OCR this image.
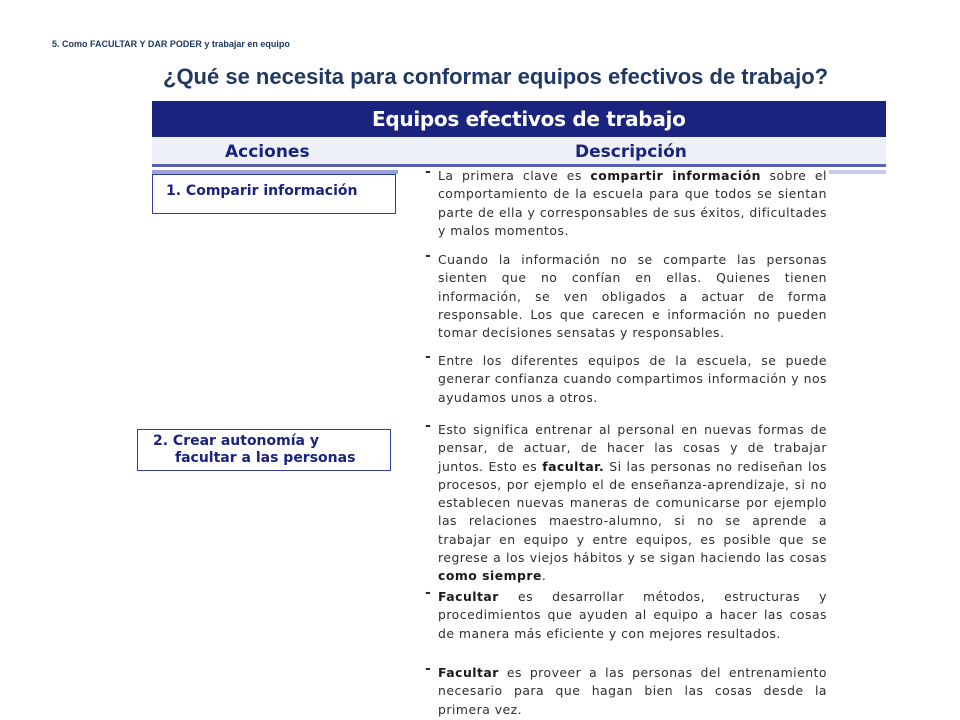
5. Como FACULTAR Y DAR PODER y trabajar en equipo
¿Qué se necesita para conformar equipos efectivos de trabajo?
Equipos efectivos de trabajo
Acciones	Descripción
1. Comparir información
2. Crear autonomía y
facultar a las personas
- La primera clave es compartir información sobre el comportamiento de la escuela para que todos se sientan parte de ella y corresponsables de sus éxitos, dificultades y malos momentos.
- Cuando la información no se comparte las personas sienten que no confían en ellas. Quienes tienen información, se ven obligados a actuar de forma responsable. Los que carecen e información no pueden tomar decisiones sensatas y responsables.
- Entre los diferentes equipos de la escuela, se puede generar confianza cuando compartimos información y nos ayudamos unos a otros.
- Esto significa entrenar al personal en nuevas formas de pensar, de actuar, de hacer las cosas y de trabajar juntos. Esto es facultar. Si las personas no rediseñan los procesos, por ejemplo el de enseñanza-aprendizaje, si no establecen nuevas maneras de comunicarse por ejemplo las relaciones maestro-alumno, si no se aprende a trabajar en equipo y entre equipos, es posible que se regrese a los viejos hábitos y se sigan haciendo las cosas como siempre.
- Facultar es desarrollar métodos, estructuras y procedimientos que ayuden al equipo a hacer las cosas de manera más eficiente y con mejores resultados.
- Facultar es proveer a las personas del entrenamiento necesario para que hagan bien las cosas desde la primera vez.
